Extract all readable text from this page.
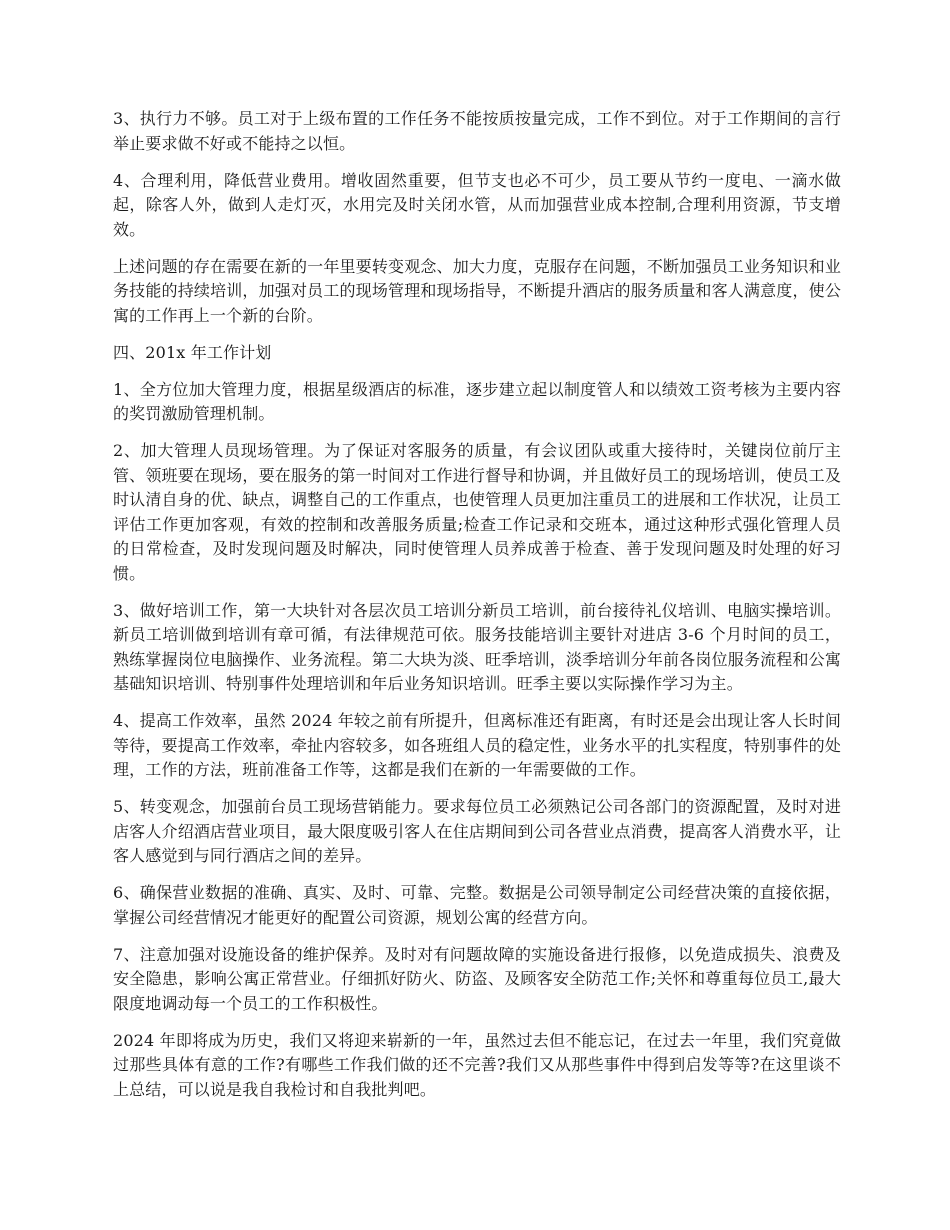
3、执行力不够。员工对于上级布置的工作任务不能按质按量完成，工作不到位。对于工作期间的言行举止要求做不好或不能持之以恒。

4、合理利用，降低营业费用。增收固然重要，但节支也必不可少，员工要从节约一度电、一滴水做起，除客人外，做到人走灯灭，水用完及时关闭水管，从而加强营业成本控制,合理利用资源，节支增效。

上述问题的存在需要在新的一年里要转变观念、加大力度，克服存在问题，不断加强员工业务知识和业务技能的持续培训，加强对员工的现场管理和现场指导，不断提升酒店的服务质量和客人满意度，使公寓的工作再上一个新的台阶。

四、201x 年工作计划

1、全方位加大管理力度，根据星级酒店的标准，逐步建立起以制度管人和以绩效工资考核为主要内容的奖罚激励管理机制。

2、加大管理人员现场管理。为了保证对客服务的质量，有会议团队或重大接待时，关键岗位前厅主管、领班要在现场，要在服务的第一时间对工作进行督导和协调，并且做好员工的现场培训，使员工及时认清自身的优、缺点，调整自己的工作重点，也使管理人员更加注重员工的进展和工作状况，让员工评估工作更加客观，有效的控制和改善服务质量;检查工作记录和交班本，通过这种形式强化管理人员的日常检查，及时发现问题及时解决，同时使管理人员养成善于检查、善于发现问题及时处理的好习惯。

3、做好培训工作，第一大块针对各层次员工培训分新员工培训，前台接待礼仪培训、电脑实操培训。新员工培训做到培训有章可循，有法律规范可依。服务技能培训主要针对进店 3-6 个月时间的员工，熟练掌握岗位电脑操作、业务流程。第二大块为淡、旺季培训，淡季培训分年前各岗位服务流程和公寓基础知识培训、特别事件处理培训和年后业务知识培训。旺季主要以实际操作学习为主。

4、提高工作效率，虽然 2024 年较之前有所提升，但离标准还有距离，有时还是会出现让客人长时间等待，要提高工作效率，牵扯内容较多，如各班组人员的稳定性，业务水平的扎实程度，特别事件的处理，工作的方法，班前准备工作等，这都是我们在新的一年需要做的工作。

5、转变观念，加强前台员工现场营销能力。要求每位员工必须熟记公司各部门的资源配置，及时对进店客人介绍酒店营业项目，最大限度吸引客人在住店期间到公司各营业点消费，提高客人消费水平，让客人感觉到与同行酒店之间的差异。

6、确保营业数据的准确、真实、及时、可靠、完整。数据是公司领导制定公司经营决策的直接依据，掌握公司经营情况才能更好的配置公司资源，规划公寓的经营方向。

7、注意加强对设施设备的维护保养。及时对有问题故障的实施设备进行报修，以免造成损失、浪费及安全隐患，影响公寓正常营业。仔细抓好防火、防盗、及顾客安全防范工作;关怀和尊重每位员工,最大限度地调动每一个员工的工作积极性。

2024 年即将成为历史，我们又将迎来崭新的一年，虽然过去但不能忘记，在过去一年里，我们究竟做过那些具体有意的工作?有哪些工作我们做的还不完善?我们又从那些事件中得到启发等等?在这里谈不上总结，可以说是我自我检讨和自我批判吧。
